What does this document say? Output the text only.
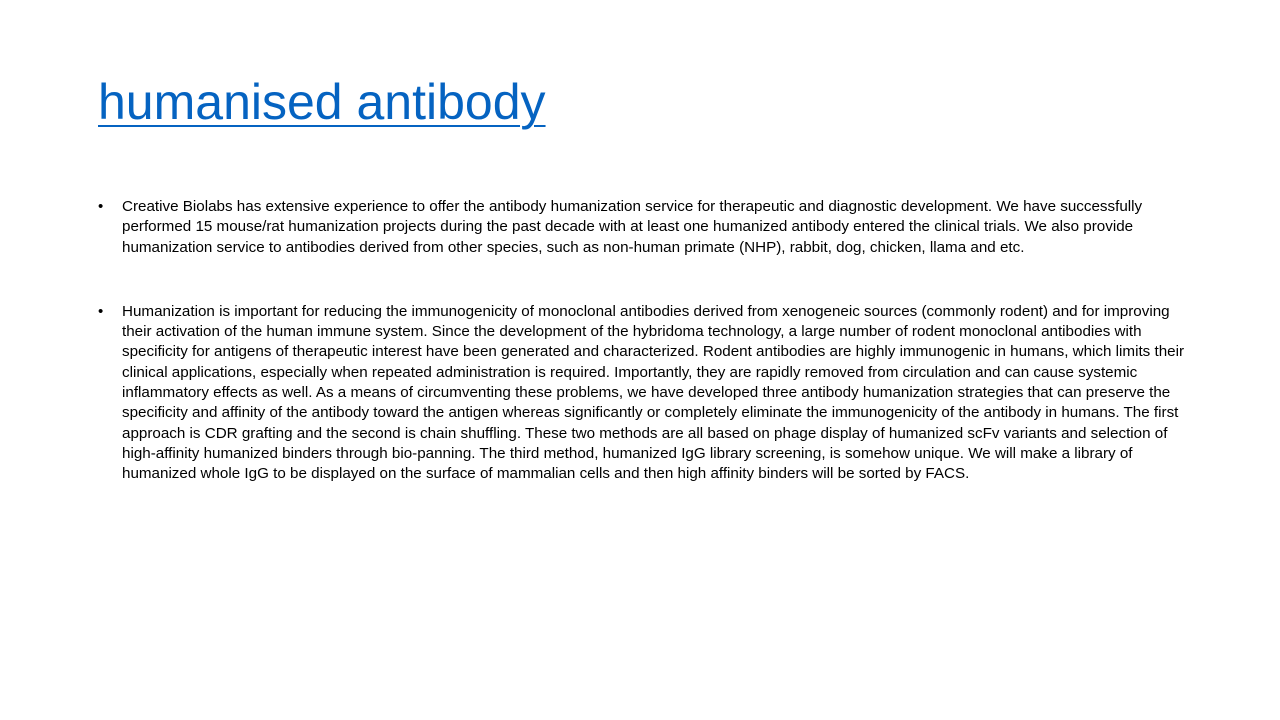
humanised antibody
•	Creative Biolabs has extensive experience to offer the antibody humanization service for therapeutic and diagnostic development. We have successfully performed 15 mouse/rat humanization projects during the past decade with at least one humanized antibody entered the clinical trials. We also provide humanization service to antibodies derived from other species, such as non-human primate (NHP), rabbit, dog, chicken, llama and etc.
•	Humanization is important for reducing the immunogenicity of monoclonal antibodies derived from xenogeneic sources (commonly rodent) and for improving their activation of the human immune system. Since the development of the hybridoma technology, a large number of rodent monoclonal antibodies with specificity for antigens of therapeutic interest have been generated and characterized. Rodent antibodies are highly immunogenic in humans, which limits their clinical applications, especially when repeated administration is required. Importantly, they are rapidly removed from circulation and can cause systemic inflammatory effects as well. As a means of circumventing these problems, we have developed three antibody humanization strategies that can preserve the specificity and affinity of the antibody toward the antigen whereas significantly or completely eliminate the immunogenicity of the antibody in humans. The first approach is CDR grafting and the second is chain shuffling. These two methods are all based on phage display of humanized scFv variants and selection of high-affinity humanized binders through bio-panning. The third method, humanized IgG library screening, is somehow unique. We will make a library of humanized whole IgG to be displayed on the surface of mammalian cells and then high affinity binders will be sorted by FACS.
